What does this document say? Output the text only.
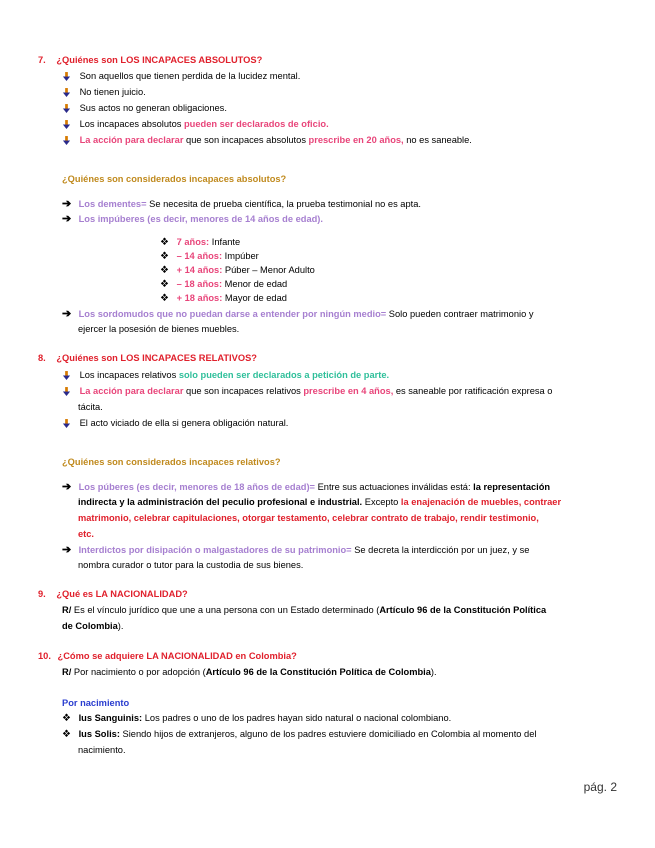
7. ¿Quiénes son LOS INCAPACES ABSOLUTOS?
Son aquellos que tienen perdida de la lucidez mental.
No tienen juicio.
Sus actos no generan obligaciones.
Los incapaces absolutos pueden ser declarados de oficio.
La acción para declarar que son incapaces absolutos prescribe en 20 años, no es saneable.
¿Quiénes son considerados incapaces absolutos?
➔ Los dementes= Se necesita de prueba científica, la prueba testimonial no es apta.
➔ Los impúberes (es decir, menores de 14 años de edad).
❖ 7 años: Infante
❖ – 14 años: Impúber
❖ + 14 años: Púber – Menor Adulto
❖ – 18 años: Menor de edad
❖ + 18 años: Mayor de edad
➔ Los sordomudos que no puedan darse a entender por ningún medio= Solo pueden contraer matrimonio y
ejercer la posesión de bienes muebles.
8. ¿Quiénes son LOS INCAPACES RELATIVOS?
Los incapaces relativos solo pueden ser declarados a petición de parte.
La acción para declarar que son incapaces relativos prescribe en 4 años, es saneable por ratificación expresa o
tácita.
El acto viciado de ella si genera obligación natural.
¿Quiénes son considerados incapaces relativos?
➔ Los púberes (es decir, menores de 18 años de edad)= Entre sus actuaciones inválidas está: la representación
indirecta y la administración del peculio profesional e industrial. Excepto la enajenación de muebles, contraer
matrimonio, celebrar capitulaciones, otorgar testamento, celebrar contrato de trabajo, rendir testimonio,
etc.
➔ Interdictos por disipación o malgastadores de su patrimonio= Se decreta la interdicción por un juez, y se
nombra curador o tutor para la custodia de sus bienes.
9. ¿Qué es LA NACIONALIDAD?
R/ Es el vínculo jurídico que une a una persona con un Estado determinado (Artículo 96 de la Constitución Política
de Colombia).
10. ¿Cómo se adquiere LA NACIONALIDAD en Colombia?
R/ Por nacimiento o por adopción (Artículo 96 de la Constitución Política de Colombia).
Por nacimiento
❖ Ius Sanguinis: Los padres o uno de los padres hayan sido natural o nacional colombiano.
❖ Ius Solis: Siendo hijos de extranjeros, alguno de los padres estuviere domiciliado en Colombia al momento del
nacimiento.
pág. 2
